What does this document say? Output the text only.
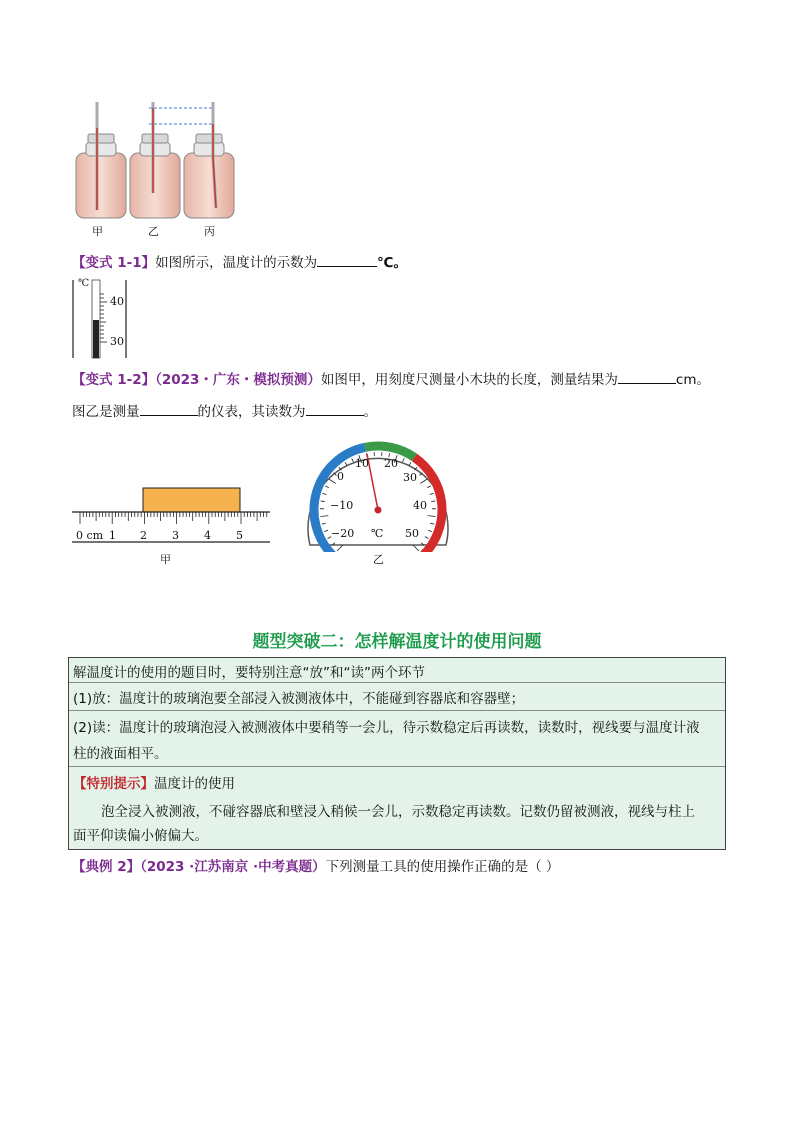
甲	乙	丙
【变式 1-1】如图所示，温度计的示数为	℃。
℃
40
30
【变式 1-2】（2023・广东・模拟预测）如图甲，用刻度尺测量小木块的长度，测量结果为	cm。
图乙是测量	的仪表，其读数为	。
0 cm 1 2 3 4 5
甲
−20
−10
0
10 20
30
40
50
℃
乙
题型突破二：怎样解温度计的使用问题
解温度计的使用的题目时，要特别注意“放”和“读”两个环节
(1)放：温度计的玻璃泡要全部浸入被测液体中，不能碰到容器底和容器壁；
(2)读：温度计的玻璃泡浸入被测液体中要稍等一会儿，待示数稳定后再读数，读数时，视线要与温度计液
柱的液面相平。
【特别提示】温度计的使用
泡全浸入被测液，不碰容器底和壁浸入稍候一会儿，示数稳定再读数。记数仍留被测液，视线与柱上
面平仰读偏小俯偏大。
【典例 2】（2023 ·江苏南京 ·中考真题）下列测量工具的使用操作正确的是（ ）
